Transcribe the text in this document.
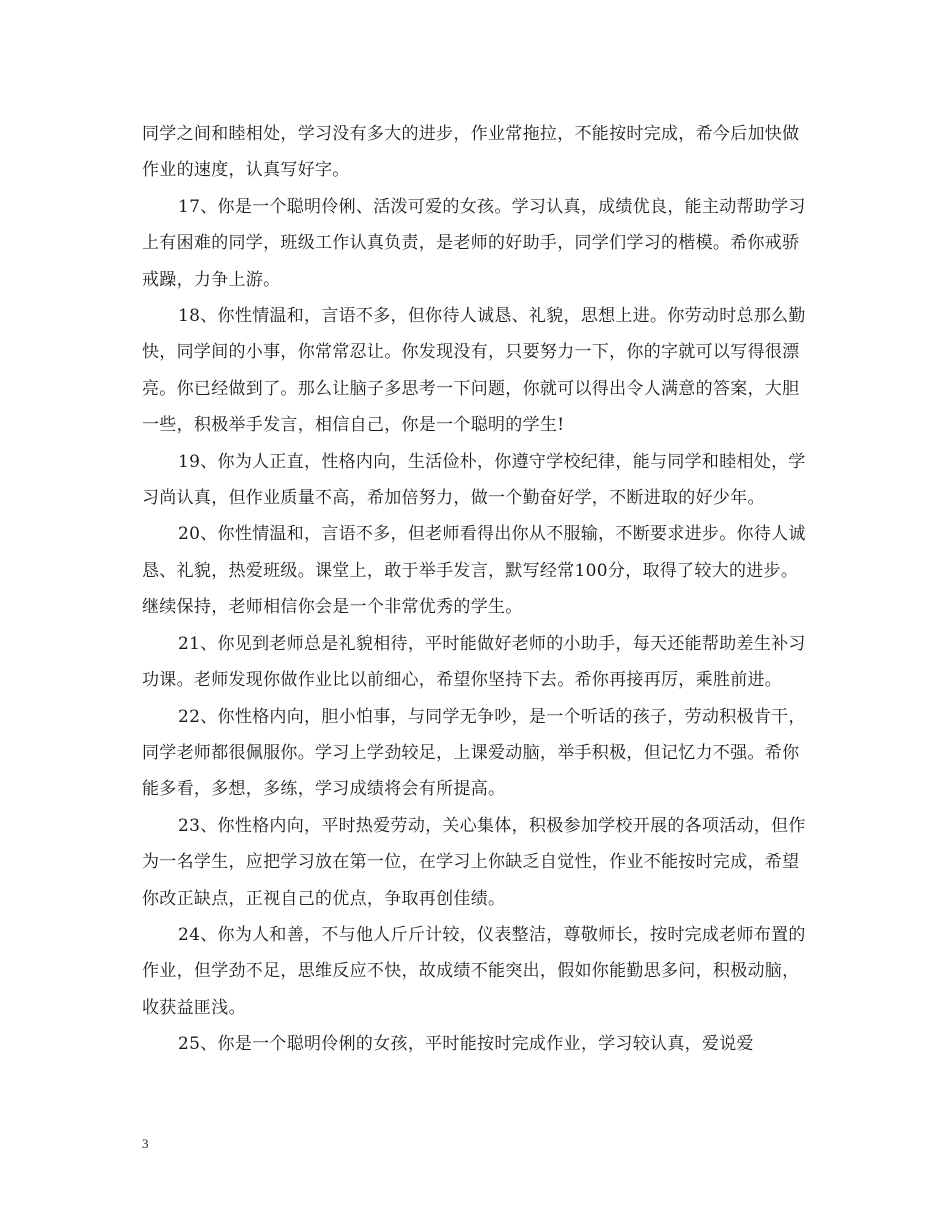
同学之间和睦相处，学习没有多大的进步，作业常拖拉，不能按时完成，希今后加快做作业的速度，认真写好字。

17、你是一个聪明伶俐、活泼可爱的女孩。学习认真，成绩优良，能主动帮助学习上有困难的同学，班级工作认真负责，是老师的好助手，同学们学习的楷模。希你戒骄戒躁，力争上游。

18、你性情温和，言语不多，但你待人诚恳、礼貌，思想上进。你劳动时总那么勤快，同学间的小事，你常常忍让。你发现没有，只要努力一下，你的字就可以写得很漂亮。你已经做到了。那么让脑子多思考一下问题，你就可以得出令人满意的答案，大胆一些，积极举手发言，相信自己，你是一个聪明的学生!

19、你为人正直，性格内向，生活俭朴，你遵守学校纪律，能与同学和睦相处，学习尚认真，但作业质量不高，希加倍努力，做一个勤奋好学，不断进取的好少年。

20、你性情温和，言语不多，但老师看得出你从不服输，不断要求进步。你待人诚恳、礼貌，热爱班级。课堂上，敢于举手发言，默写经常100分，取得了较大的进步。继续保持，老师相信你会是一个非常优秀的学生。

21、你见到老师总是礼貌相待，平时能做好老师的小助手，每天还能帮助差生补习功课。老师发现你做作业比以前细心，希望你坚持下去。希你再接再厉，乘胜前进。

22、你性格内向，胆小怕事，与同学无争吵，是一个听话的孩子，劳动积极肯干，同学老师都很佩服你。学习上学劲较足，上课爱动脑，举手积极，但记忆力不强。希你能多看，多想，多练，学习成绩将会有所提高。

23、你性格内向，平时热爱劳动，关心集体，积极参加学校开展的各项活动，但作为一名学生，应把学习放在第一位，在学习上你缺乏自觉性，作业不能按时完成，希望你改正缺点，正视自己的优点，争取再创佳绩。

24、你为人和善，不与他人斤斤计较，仪表整洁，尊敬师长，按时完成老师布置的作业，但学劲不足，思维反应不快，故成绩不能突出，假如你能勤思多问，积极动脑，收获益匪浅。

25、你是一个聪明伶俐的女孩，平时能按时完成作业，学习较认真，爱说爱

3
